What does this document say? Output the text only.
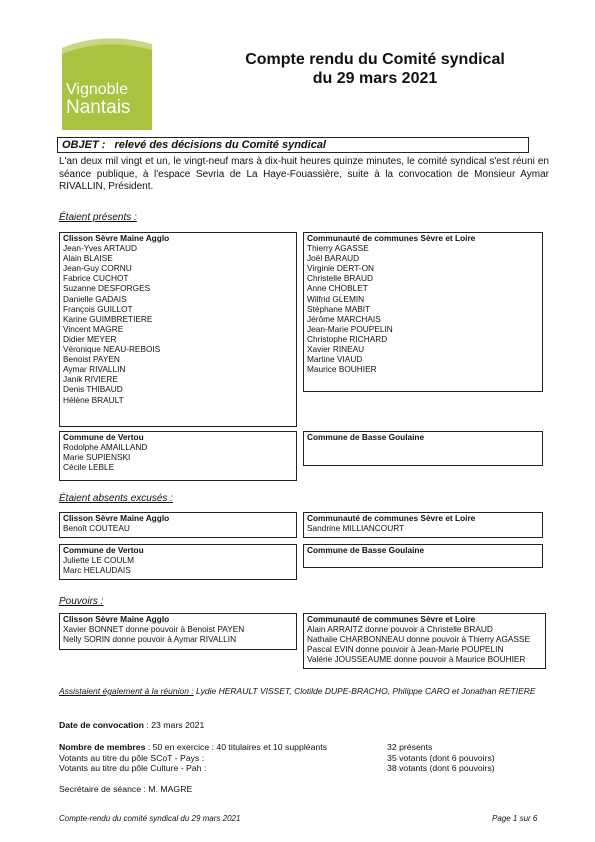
Vignoble
Nantais
Compte rendu du Comité syndical
du 29 mars 2021
OBJET : relevé des décisions du Comité syndical
L'an deux mil vingt et un, le vingt-neuf mars à dix-huit heures quinze minutes, le comité syndical s'est réuni en séance publique, à l'espace Sevria de La Haye-Fouassière, suite à la convocation de Monsieur Aymar RIVALLIN, Président.
Étaient présents :
Clisson Sèvre Maine Agglo
Jean-Yves ARTAUD
Alain BLAISE
Jean-Guy CORNU
Fabrice CUCHOT
Suzanne DESFORGES
Danielle GADAIS
François GUILLOT
Karine GUIMBRETIERE
Vincent MAGRE
Didier MEYER
Véronique NEAU-REBOIS
Benoist PAYEN
Aymar RIVALLIN
Janik RIVIERE
Denis THIBAUD
Hélène BRAULT
Communauté de communes Sèvre et Loire
Thierry AGASSE
Joël BARAUD
Virginie DERT-ON
Christelle BRAUD
Anne CHOBLET
Wilfrid GLEMIN
Stéphane MABIT
Jérôme MARCHAIS
Jean-Marie POUPELIN
Christophe RICHARD
Xavier RINEAU
Martine VIAUD
Maurice BOUHIER
Commune de Vertou
Rodolphe AMAILLAND
Marie SUPIENSKI
Cécile LEBLE
Commune de Basse Goulaine
Étaient absents excusés :
Clisson Sèvre Maine Agglo
Benoît COUTEAU
Communauté de communes Sèvre et Loire
Sandrine MILLIANCOURT
Commune de Vertou
Juliette LE COULM
Marc HELAUDAIS
Commune de Basse Goulaine
Pouvoirs :
Clisson Sèvre Maine Agglo
Xavier BONNET donne pouvoir à Benoist PAYEN
Nelly SORIN donne pouvoir à Aymar RIVALLIN
Communauté de communes Sèvre et Loire
Alain ARRAITZ donne pouvoir à Christelle BRAUD
Nathalie CHARBONNEAU donne pouvoir à Thierry AGASSE
Pascal EVIN donne pouvoir à Jean-Marie POUPELIN
Valérie JOUSSEAUME donne pouvoir à Maurice BOUHIER
Assistaient également à la réunion : Lydie HERAULT VISSET, Clotilde DUPE-BRACHO, Philippe CARO et Jonathan RETIERE
Date de convocation : 23 mars 2021
Nombre de membres : 50 en exercice : 40 titulaires et 10 suppléants
Votants au titre du pôle SCoT - Pays :
Votants au titre du pôle Culture - Pah :
32 présents
35 votants (dont 6 pouvoirs)
38 votants (dont 6 pouvoirs)
Secrétaire de séance : M. MAGRE
Compte-rendu du comité syndical du 29 mars 2021	Page 1 sur 6
